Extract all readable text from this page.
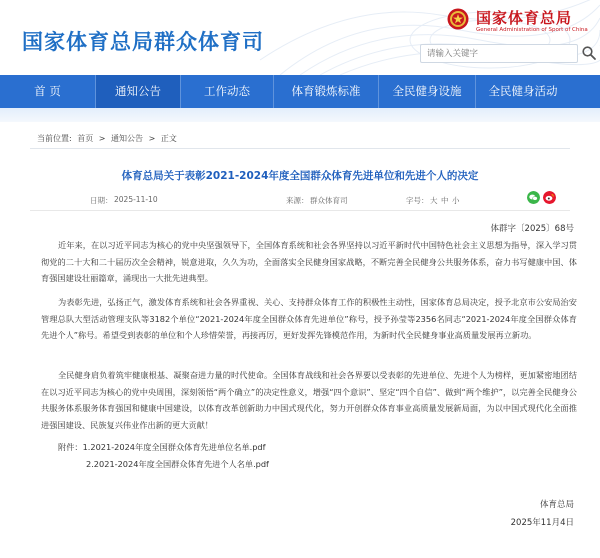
国家体育总局群众体育司
国家体育总局
General Administration of Sport of China
请输入关键字
首 页	通知公告	工作动态	体育锻炼标准	全民健身设施	全民健身活动
当前位置: 首页 > 通知公告 > 正文
体育总局关于表彰2021-2024年度全国群众体育先进单位和先进个人的决定
日期： 2025-11-10	来源： 群众体育司	字号： 大 中 小
体群字〔2025〕68号

近年来，在以习近平同志为核心的党中央坚强领导下，全国体育系统和社会各界坚持以习近平新时代中国特色社会主义思想为指导，深入学习贯彻党的二十大和二十届历次全会精神，锐意进取，久久为功，全面落实全民健身国家战略，不断完善全民健身公共服务体系，奋力书写健康中国、体育强国建设壮丽篇章，涌现出一大批先进典型。

为表彰先进，弘扬正气，激发体育系统和社会各界重视、关心、支持群众体育工作的积极性主动性，国家体育总局决定，授予北京市公安局治安管理总队大型活动管理支队等3182个单位“2021-2024年度全国群众体育先进单位”称号，授予孙莹等2356名同志“2021-2024年度全国群众体育先进个人”称号。希望受到表彰的单位和个人珍惜荣誉，再接再厉，更好发挥先锋模范作用，为新时代全民健身事业高质量发展再立新功。

全民健身肩负着筑牢健康根基、凝聚奋进力量的时代使命。全国体育战线和社会各界要以受表彰的先进单位、先进个人为榜样，更加紧密地团结在以习近平同志为核心的党中央周围，深刻领悟“两个确立”的决定性意义，增强“四个意识”、坚定“四个自信”、做到“两个维护”，以完善全民健身公共服务体系服务体育强国和健康中国建设，以体育改革创新助力中国式现代化，努力开创群众体育事业高质量发展新局面，为以中国式现代化全面推进强国建设、民族复兴伟业作出新的更大贡献！

附件：1.2021-2024年度全国群众体育先进单位名单.pdf
2.2021-2024年度全国群众体育先进个人名单.pdf
体育总局
2025年11月4日
